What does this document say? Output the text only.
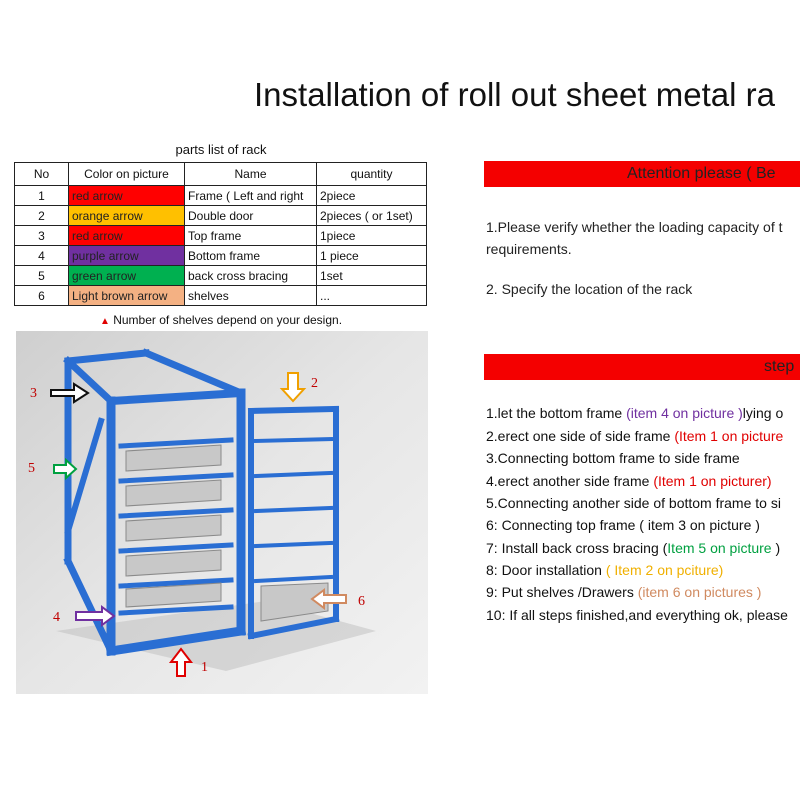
Installation of roll out sheet metal ra
parts list of rack
No	Color on picture	Name	quantity
1	red arrow	Frame ( Left and right	2piece
2	orange arrow	Double door	2pieces ( or 1set)
3	red arrow	Top frame	1piece
4	purple arrow	Bottom frame	1 piece
5	green arrow	back cross bracing	1set
6	Light brown arrow	shelves	...
▲ Number of shelves depend on your design.
3
2
5
4
1
6
Attention please ( Be
1.Please verify whether the loading capacity of t
requirements.
2. Specify the location of the rack
step
1.let the bottom frame (item 4 on picture )lying o
2.erect one side of side frame (Item 1 on picture
3.Connecting bottom frame to side frame
4.erect another side frame (Item 1 on picturer)
5.Connecting another side of bottom frame to si
6: Connecting top frame ( item 3 on picture )
7: Install back cross bracing (Item 5 on picture )
8: Door installation ( Item 2 on pciture)
9: Put shelves /Drawers (item 6 on pictures )
10: If all steps finished,and everything ok, please
